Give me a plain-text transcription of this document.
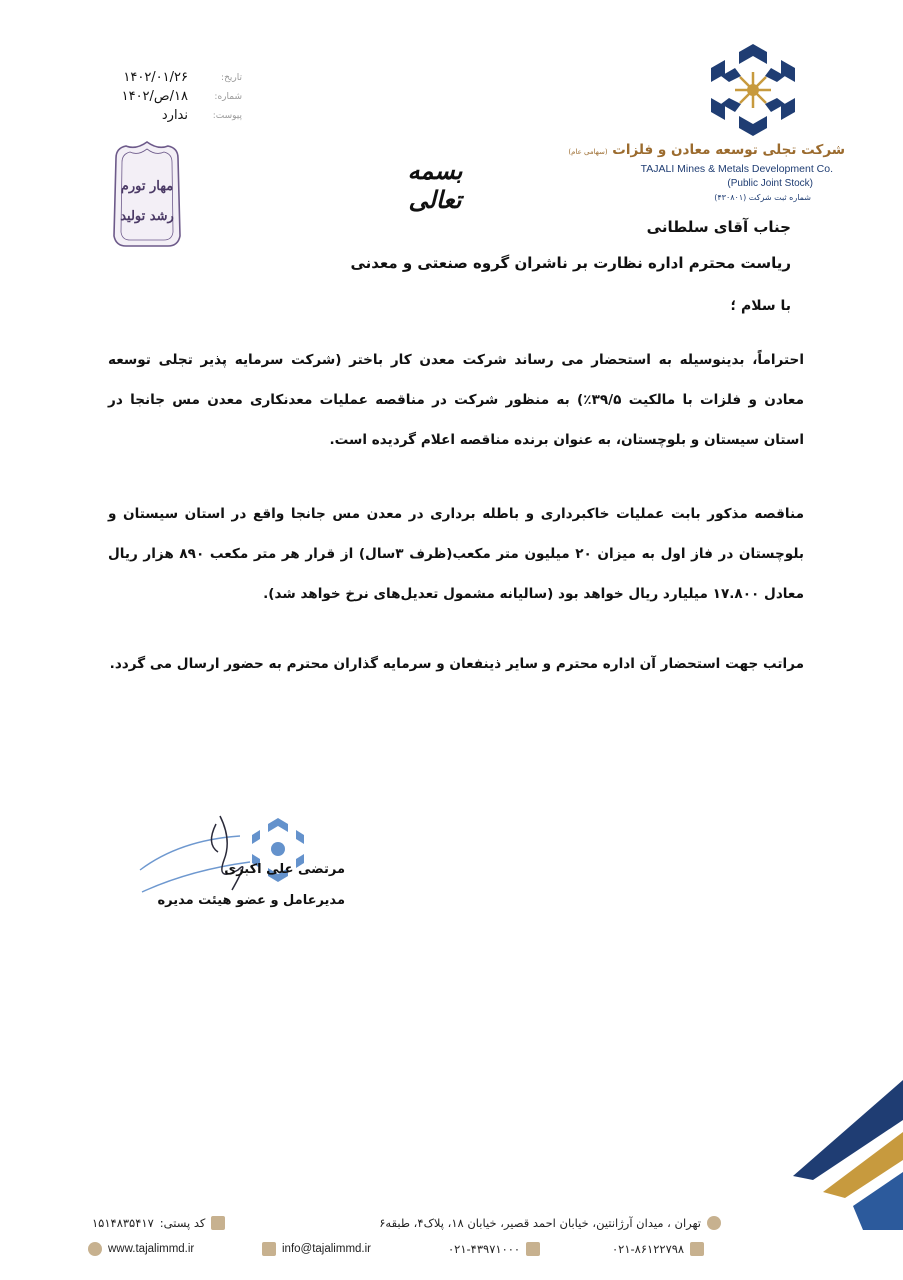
شرکت تجلی توسعه معادن و فلزات (سهامی عام)
TAJALI Mines & Metals Development Co.
(Public Joint Stock)
شماره ثبت شرکت (۴۳۰۸۰۱)
تاریخ:
۱۴۰۲/۰۱/۲۶
شماره:
۱۸/ص/۱۴۰۲
پیوست:
ندارد
مهار تورم
رشد تولید
بسمه تعالی
جناب آقای سلطانی
ریاست محترم اداره نظارت بر ناشران گروه صنعتی و معدنی
با سلام ؛
احتراماً، بدینوسیله به استحضار می رساند شرکت معدن کار باختر (شرکت سرمایه پذیر تجلی توسعه معادن و فلزات با مالکیت ۳۹/۵٪) به منظور شرکت در مناقصه عملیات معدنکاری معدن مس جانجا در استان سیستان و بلوچستان، به عنوان برنده مناقصه اعلام گردیده است.
مناقصه مذکور بابت عملیات خاکبرداری و باطله برداری در معدن مس جانجا واقع در استان سیستان و بلوچستان در فاز اول به میزان ۲۰ میلیون متر مکعب(ظرف ۳سال) از قرار هر متر مکعب ۸۹۰ هزار ریال معادل ۱۷.۸۰۰ میلیارد ریال خواهد بود (سالیانه مشمول تعدیل‌های نرخ خواهد شد).
مراتب جهت استحضار آن اداره محترم و سایر ذینفعان و سرمایه گذاران محترم به حضور ارسال می گردد.
مرتضی علی اکبری
مدیرعامل و عضو هیئت مدیره
تهران ، میدان آرژانتین، خیابان احمد قصیر، خیابان ۱۸، پلاک۴، طبقه۶
کد پستی:
۱۵۱۴۸۳۵۴۱۷
www.tajalimmd.ir	info@tajalimmd.ir	۰۲۱-۴۳۹۷۱۰۰۰	۰۲۱-۸۶۱۲۲۷۹۸
